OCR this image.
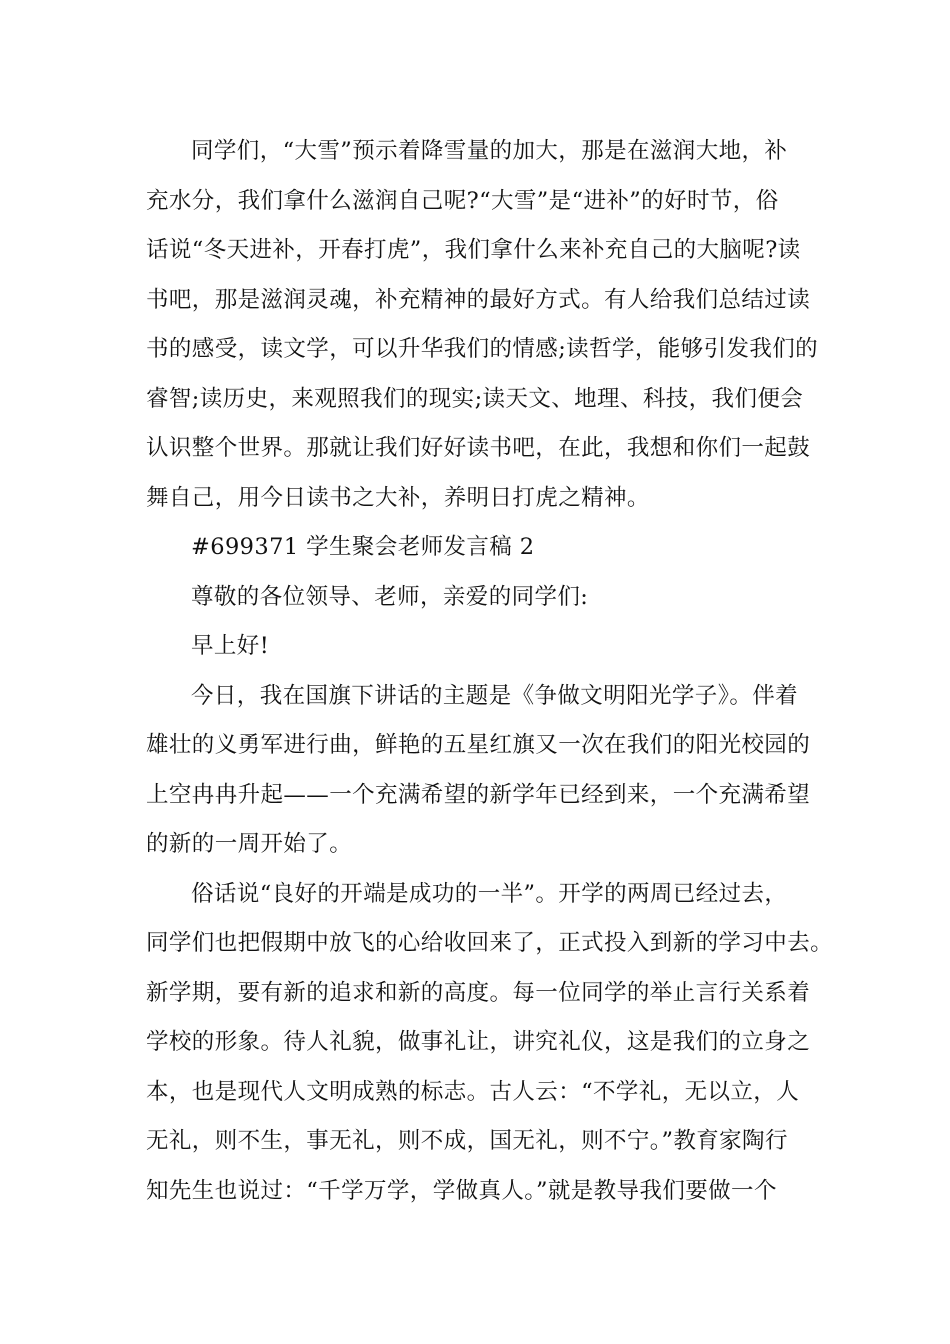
同学们，“大雪”预示着降雪量的加大，那是在滋润大地，补
充水分，我们拿什么滋润自己呢?“大雪”是“进补”的好时节，俗
话说“冬天进补，开春打虎”，我们拿什么来补充自己的大脑呢?读
书吧，那是滋润灵魂，补充精神的最好方式。有人给我们总结过读
书的感受，读文学，可以升华我们的情感;读哲学，能够引发我们的
睿智;读历史，来观照我们的现实;读天文、地理、科技，我们便会
认识整个世界。那就让我们好好读书吧，在此，我想和你们一起鼓
舞自己，用今日读书之大补，养明日打虎之精神。
#699371 学生聚会老师发言稿 2
尊敬的各位领导、老师，亲爱的同学们:
早上好!
今日，我在国旗下讲话的主题是《争做文明阳光学子》。伴着
雄壮的义勇军进行曲，鲜艳的五星红旗又一次在我们的阳光校园的
上空冉冉升起——一个充满希望的新学年已经到来，一个充满希望
的新的一周开始了。
俗话说“良好的开端是成功的一半”。开学的两周已经过去，
同学们也把假期中放飞的心给收回来了，正式投入到新的学习中去。
新学期，要有新的追求和新的高度。每一位同学的举止言行关系着
学校的形象。待人礼貌，做事礼让，讲究礼仪，这是我们的立身之
本，也是现代人文明成熟的标志。古人云：“不学礼，无以立，人
无礼，则不生，事无礼，则不成，国无礼，则不宁。”教育家陶行
知先生也说过：“千学万学，学做真人。”就是教导我们要做一个
